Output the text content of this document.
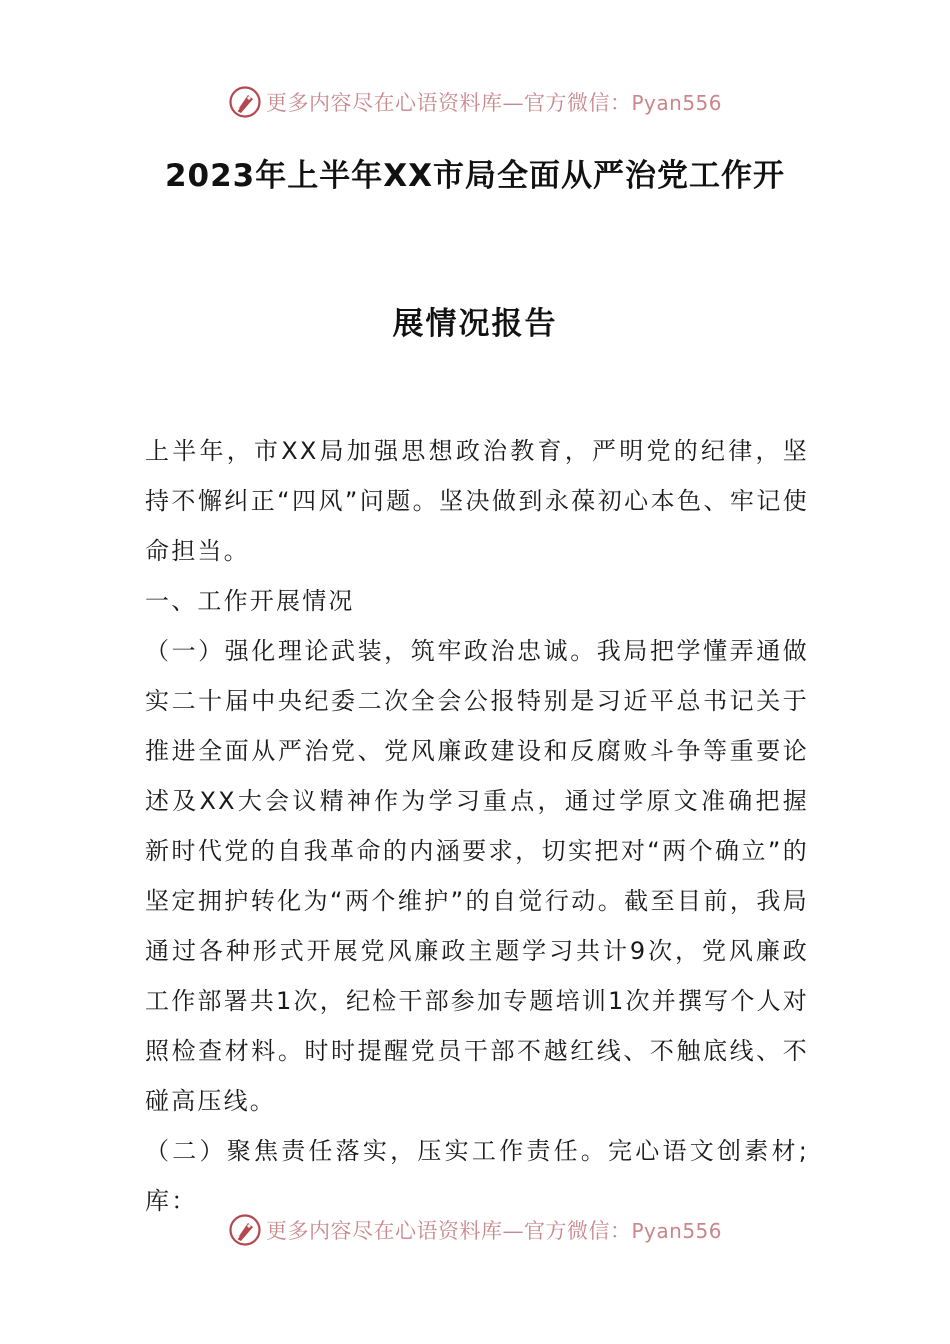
更多内容尽在心语资料库—官方微信：Pyan556
2023年上半年XX市局全面从严治党工作开
展情况报告

上半年，市XX局加强思想政治教育，严明党的纪律，坚持不懈纠正“四风”问题。坚决做到永葆初心本色、牢记使命担当。

一、工作开展情况

（一）强化理论武装，筑牢政治忠诚。我局把学懂弄通做实二十届中央纪委二次全会公报特别是习近平总书记关于推进全面从严治党、党风廉政建设和反腐败斗争等重要论述及XX大会议精神作为学习重点，通过学原文准确把握新时代党的自我革命的内涵要求，切实把对“两个确立”的坚定拥护转化为“两个维护”的自觉行动。截至目前，我局通过各种形式开展党风廉政主题学习共计9次，党风廉政工作部署共1次，纪检干部参加专题培训1次并撰写个人对照检查材料。时时提醒党员干部不越红线、不触底线、不碰高压线。

（二）聚焦责任落实，压实工作责任。完心语文创素材;库：

更多内容尽在心语资料库—官方微信：Pyan556
